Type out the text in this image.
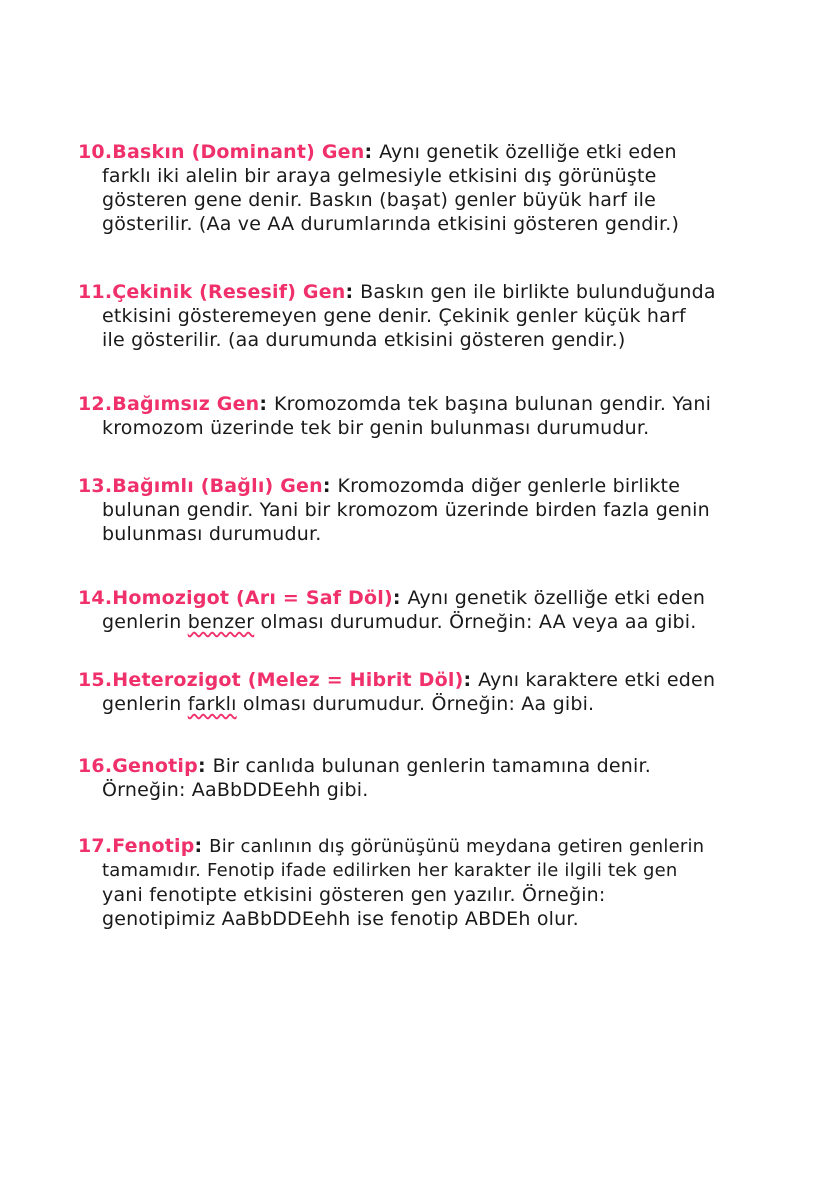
10.Baskın (Dominant) Gen: Aynı genetik özelliğe etki eden
farklı iki alelin bir araya gelmesiyle etkisini dış görünüşte
gösteren gene denir. Baskın (başat) genler büyük harf ile
gösterilir. (Aa ve AA durumlarında etkisini gösteren gendir.)
11.Çekinik (Resesif) Gen: Baskın gen ile birlikte bulunduğunda
etkisini gösteremeyen gene denir. Çekinik genler küçük harf
ile gösterilir. (aa durumunda etkisini gösteren gendir.)
12.Bağımsız Gen: Kromozomda tek başına bulunan gendir. Yani
kromozom üzerinde tek bir genin bulunması durumudur.
13.Bağımlı (Bağlı) Gen: Kromozomda diğer genlerle birlikte
bulunan gendir. Yani bir kromozom üzerinde birden fazla genin
bulunması durumudur.
14.Homozigot (Arı = Saf Döl): Aynı genetik özelliğe etki eden
genlerin benzer olması durumudur. Örneğin: AA veya aa gibi.
15.Heterozigot (Melez = Hibrit Döl): Aynı karaktere etki eden
genlerin farklı olması durumudur. Örneğin: Aa gibi.
16.Genotip: Bir canlıda bulunan genlerin tamamına denir.
Örneğin: AaBbDDEehh gibi.
17.Fenotip: Bir canlının dış görünüşünü meydana getiren genlerin
tamamıdır. Fenotip ifade edilirken her karakter ile ilgili tek gen
yani fenotipte etkisini gösteren gen yazılır. Örneğin:
genotipimiz AaBbDDEehh ise fenotip ABDEh olur.
